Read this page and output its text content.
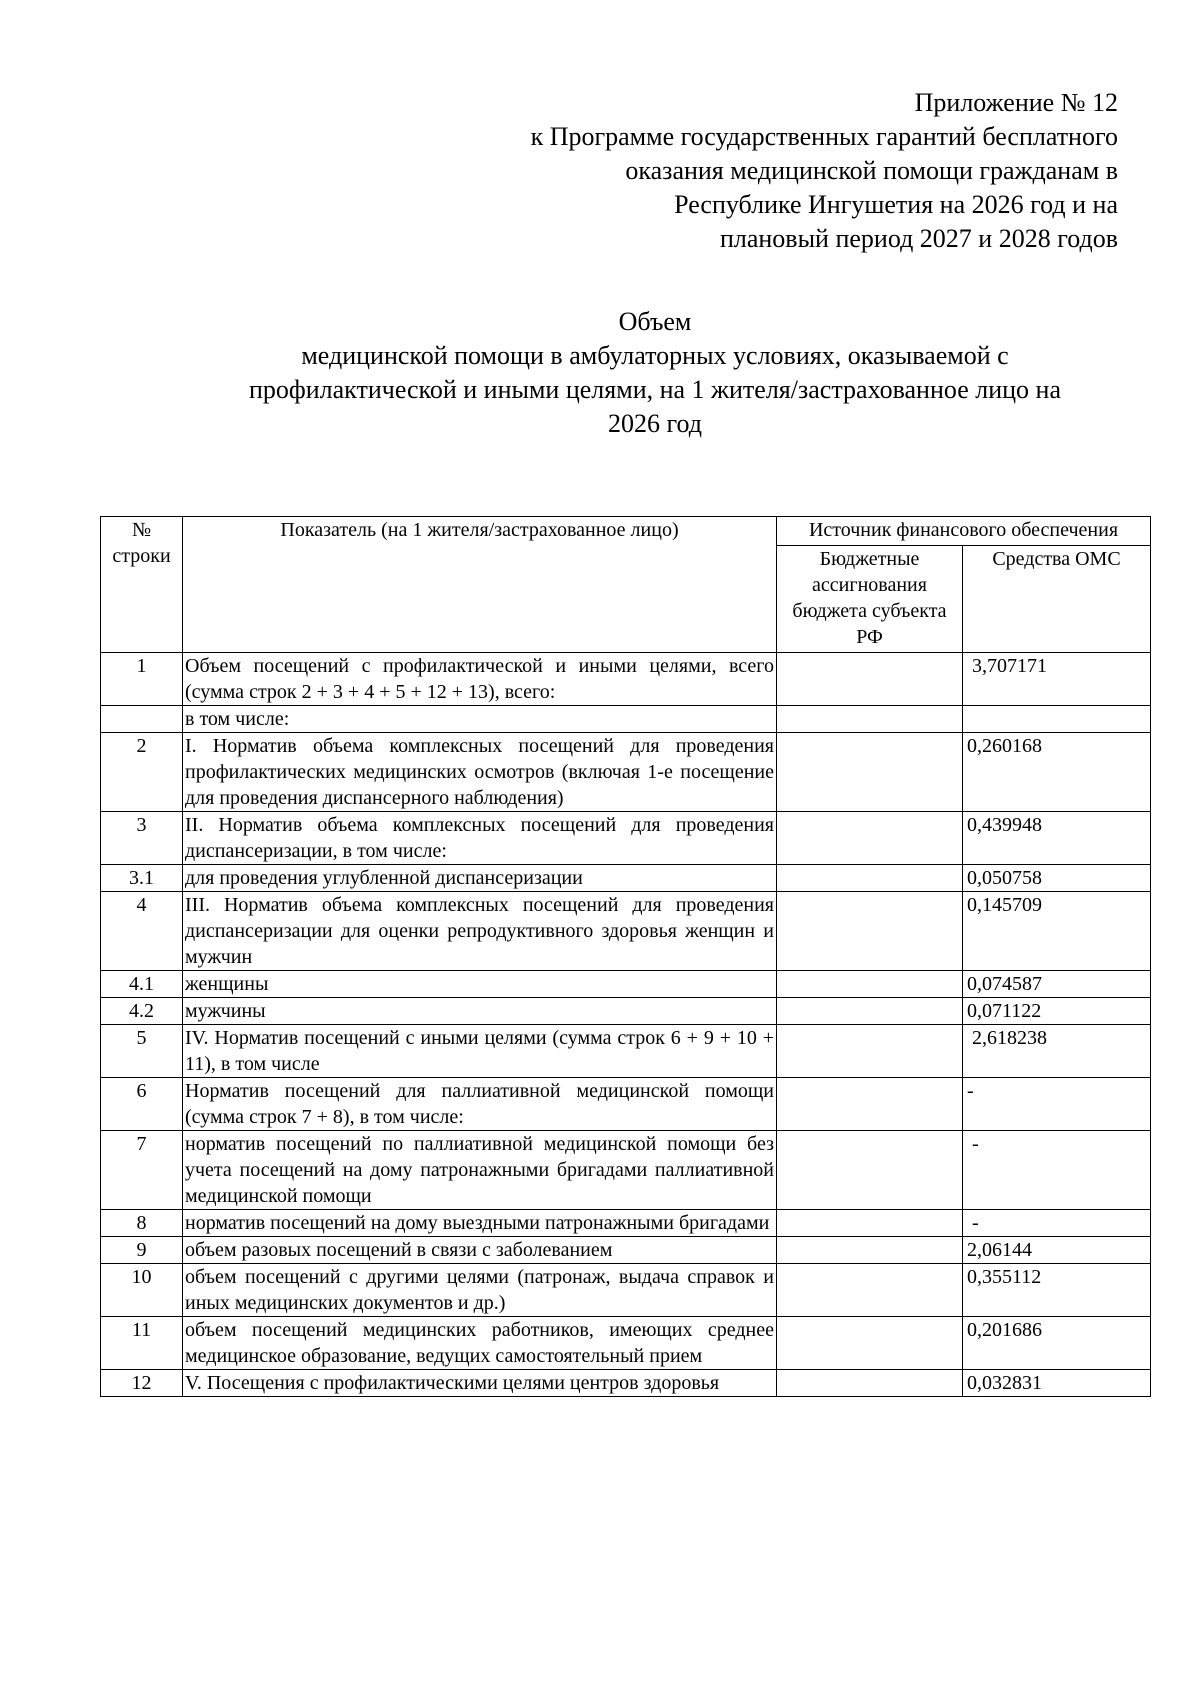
Приложение № 12
к Программе государственных гарантий бесплатного
оказания медицинской помощи гражданам в
Республике Ингушетия на 2026 год и на
плановый период 2027 и 2028 годов
Объем
медицинской помощи в амбулаторных условиях, оказываемой с
профилактической и иными целями, на 1 жителя/застрахованное лицо на
2026 год
№ строки	Показатель (на 1 жителя/застрахованное лицо)	Источник финансового обеспечения	
		Бюджетные ассигнования бюджета субъекта РФ	Средства ОМС
1	Объем посещений с профилактической и иными целями, всего (сумма строк 2 + 3 + 4 + 5 + 12 + 13), всего:		3,707171
	в том числе:		
2	I. Норматив объема комплексных посещений для проведения профилактических медицинских осмотров (включая 1-е посещение для проведения диспансерного наблюдения)		0,260168
3	II. Норматив объема комплексных посещений для проведения диспансеризации, в том числе:		0,439948
3.1	для проведения углубленной диспансеризации		0,050758
4	III. Норматив объема комплексных посещений для проведения диспансеризации для оценки репродуктивного здоровья женщин и мужчин		0,145709
4.1	женщины		0,074587
4.2	мужчины		0,071122
5	IV. Норматив посещений с иными целями (сумма строк 6 + 9 + 10 + 11), в том числе		2,618238
6	Норматив посещений для паллиативной медицинской помощи (сумма строк 7 + 8), в том числе:		-
7	норматив посещений по паллиативной медицинской помощи без учета посещений на дому патронажными бригадами паллиативной медицинской помощи		-
8	норматив посещений на дому выездными патронажными бригадами		-
9	объем разовых посещений в связи с заболеванием		2,06144
10	объем посещений с другими целями (патронаж, выдача справок и иных медицинских документов и др.)		0,355112
11	объем посещений медицинских работников, имеющих среднее медицинское образование, ведущих самостоятельный прием		0,201686
12	V. Посещения с профилактическими целями центров здоровья		0,032831
